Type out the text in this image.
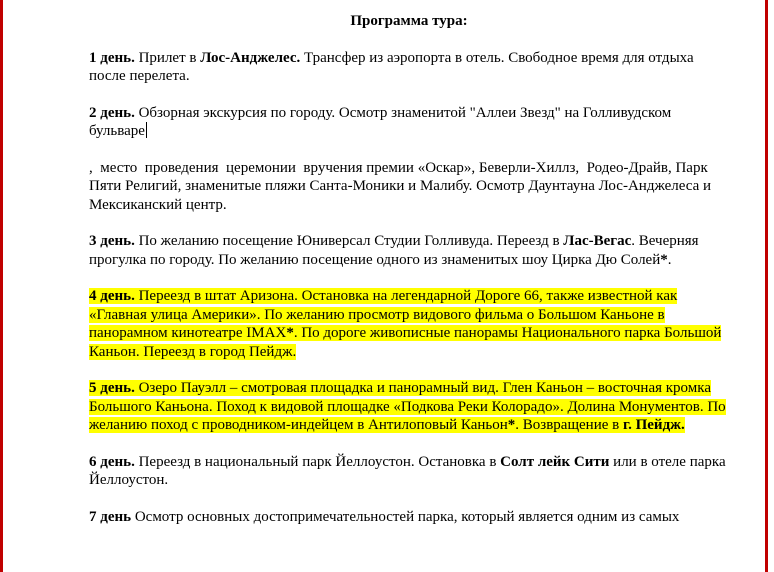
Программа тура:

1 день. Прилет в Лос-Анджелес. Трансфер из аэропорта в отель. Свободное время для отдыха после перелета.

2 день. Обзорная экскурсия по городу. Осмотр знаменитой "Аллеи Звезд" на Голливудском бульваре

,  место  проведения  церемонии  вручения премии «Оскар», Беверли-Хиллз,  Родео-Драйв, Парк Пяти Религий, знаменитые пляжи Санта-Моники и Малибу. Осмотр Даунтауна Лос-Анджелеса и Мексиканский центр.

3 день. По желанию посещение Юниверсал Студии Голливуда. Переезд в Лас-Вегас. Вечерняя прогулка по городу. По желанию посещение одного из знаменитых шоу Цирка Дю Солей*.

4 день. Переезд в штат Аризона. Остановка на легендарной Дороге 66, также известной как «Главная улица Америки». По желанию просмотр видового фильма о Большом Каньоне в панорамном кинотеатре IMAX*. По дороге живописные панорамы Национального парка Большой Каньон. Переезд в город Пейдж.

5 день. Озеро Пауэлл – смотровая площадка и панорамный вид. Глен Каньон – восточная кромка Большого Каньона. Поход к видовой площадке «Подкова Реки Колорадо». Долина Монументов. По желанию поход с проводником-индейцем в Антилоповый Каньон*. Возвращение в г. Пейдж.

6 день. Переезд в национальный парк Йеллоустон. Остановка в Солт лейк Сити или в отеле парка Йеллоустон.

7 день Осмотр основных достопримечательностей парка, который является одним из самых
